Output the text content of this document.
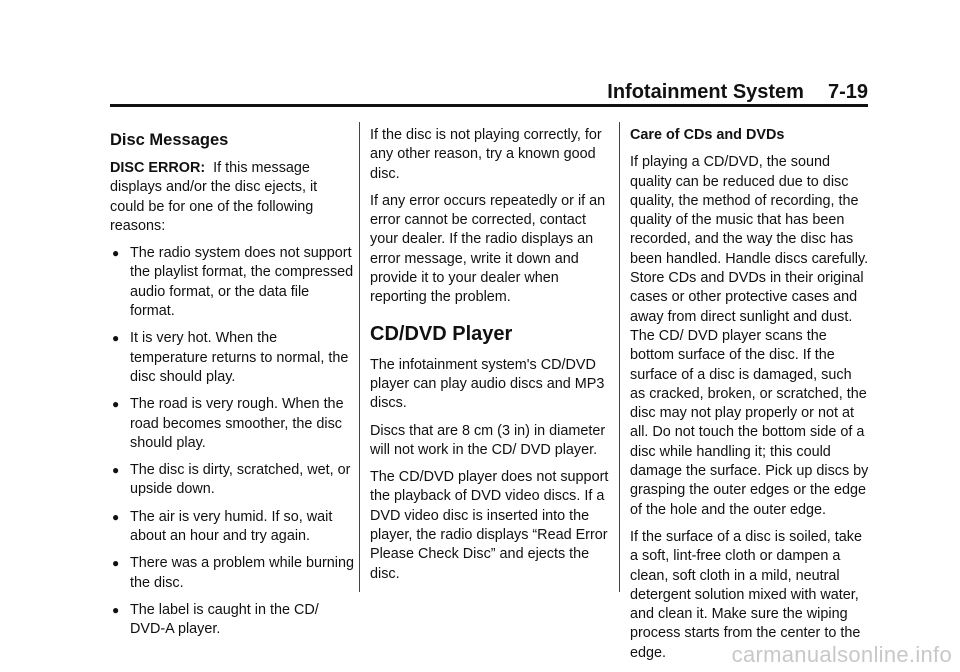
Infotainment System 7-19
Disc Messages

DISC ERROR: If this message displays and/or the disc ejects, it could be for one of the following reasons:

● The radio system does not support the playlist format, the compressed audio format, or the data file format.
● It is very hot. When the temperature returns to normal, the disc should play.
● The road is very rough. When the road becomes smoother, the disc should play.
● The disc is dirty, scratched, wet, or upside down.
● The air is very humid. If so, wait about an hour and try again.
● There was a problem while burning the disc.
● The label is caught in the CD/ DVD-A player.

If the disc is not playing correctly, for any other reason, try a known good disc.

If any error occurs repeatedly or if an error cannot be corrected, contact your dealer. If the radio displays an error message, write it down and provide it to your dealer when reporting the problem.

CD/DVD Player

The infotainment system's CD/DVD player can play audio discs and MP3 discs.

Discs that are 8 cm (3 in) in diameter will not work in the CD/ DVD player.

The CD/DVD player does not support the playback of DVD video discs. If a DVD video disc is inserted into the player, the radio displays “Read Error Please Check Disc” and ejects the disc.

Care of CDs and DVDs

If playing a CD/DVD, the sound quality can be reduced due to disc quality, the method of recording, the quality of the music that has been recorded, and the way the disc has been handled. Handle discs carefully. Store CDs and DVDs in their original cases or other protective cases and away from direct sunlight and dust. The CD/ DVD player scans the bottom surface of the disc. If the surface of a disc is damaged, such as cracked, broken, or scratched, the disc may not play properly or not at all. Do not touch the bottom side of a disc while handling it; this could damage the surface. Pick up discs by grasping the outer edges or the edge of the hole and the outer edge.

If the surface of a disc is soiled, take a soft, lint-free cloth or dampen a clean, soft cloth in a mild, neutral detergent solution mixed with water, and clean it. Make sure the wiping process starts from the center to the edge.	carmanualsonline.info
